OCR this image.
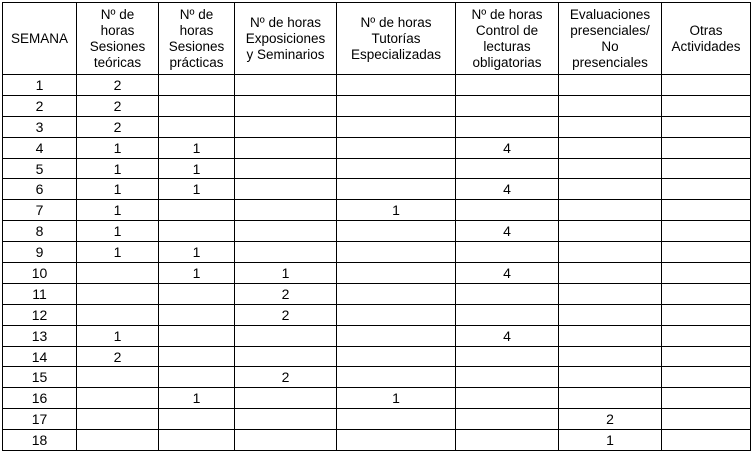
SEMANA	Nº de
horas
Sesiones
teóricas	Nº de
horas
Sesiones
prácticas	Nº de horas
Exposiciones
y Seminarios	Nº de horas
Tutorías
Especializadas	Nº de horas
Control de
lecturas
obligatorias	Evaluaciones
presenciales/
No
presenciales	Otras
Actividades
1	2						
2	2						
3	2						
4	1	1			4		
5	1	1					
6	1	1			4		
7	1			1			
8	1				4		
9	1	1					
10		1	1		4		
11			2				
12			2				
13	1				4		
14	2						
15			2				
16		1		1			
17						2	
18						1	
